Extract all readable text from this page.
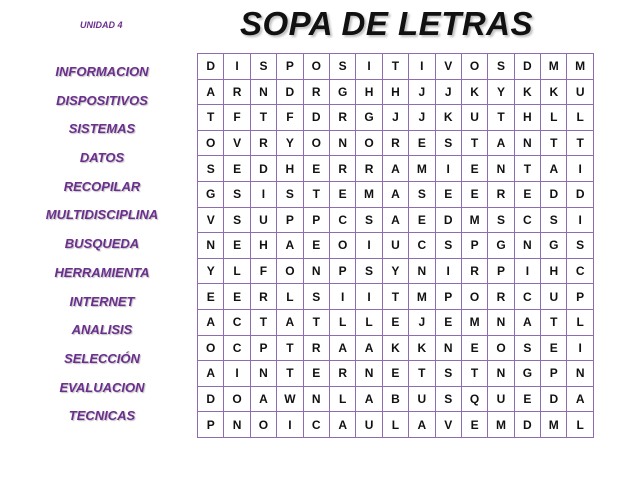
UNIDAD 4	SOPA DE LETRAS
INFORMACION
DISPOSITIVOS
SISTEMAS
DATOS
RECOPILAR
MULTIDISCIPLINA
BUSQUEDA
HERRAMIENTA
INTERNET
ANALISIS
SELECCIÓN
EVALUACION
TECNICAS
D	I	S	P	O	S	I	T	I	V	O	S	D	M	M
A	R	N	D	R	G	H	H	J	J	K	Y	K	K	U
T	F	T	F	D	R	G	J	J	K	U	T	H	L	L
O	V	R	Y	O	N	O	R	E	S	T	A	N	T	T
S	E	D	H	E	R	R	A	M	I	E	N	T	A	I
G	S	I	S	T	E	M	A	S	E	E	R	E	D	D
V	S	U	P	P	C	S	A	E	D	M	S	C	S	I
N	E	H	A	E	O	I	U	C	S	P	G	N	G	S
Y	L	F	O	N	P	S	Y	N	I	R	P	I	H	C
E	E	R	L	S	I	I	T	M	P	O	R	C	U	P
A	C	T	A	T	L	L	E	J	E	M	N	A	T	L
O	C	P	T	R	A	A	K	K	N	E	O	S	E	I
A	I	N	T	E	R	N	E	T	S	T	N	G	P	N
D	O	A	W	N	L	A	B	U	S	Q	U	E	D	A
P	N	O	I	C	A	U	L	A	V	E	M	D	M	L
